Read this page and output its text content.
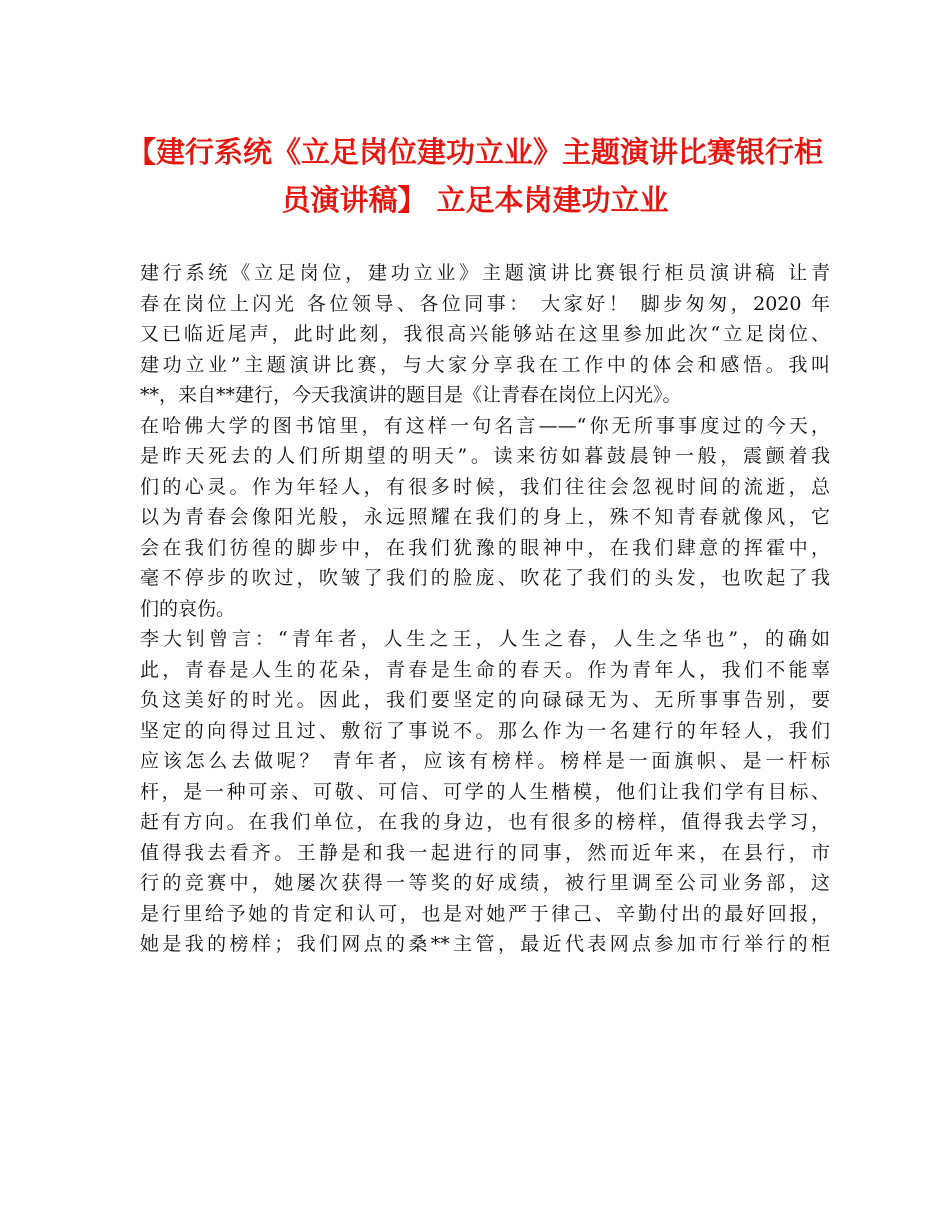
【建行系统《立足岗位建功立业》主题演讲比赛银行柜
员演讲稿】 立足本岗建功立业
建行系统《立足岗位，建功立业》主题演讲比赛银行柜员演讲稿 让青
春在岗位上闪光 各位领导、各位同事： 大家好！ 脚步匆匆，2020 年
又已临近尾声，此时此刻，我很高兴能够站在这里参加此次“立足岗位、
建功立业”主题演讲比赛，与大家分享我在工作中的体会和感悟。我叫
**，来自**建行，今天我演讲的题目是《让青春在岗位上闪光》。
在哈佛大学的图书馆里，有这样一句名言——“你无所事事度过的今天，
是昨天死去的人们所期望的明天”。读来彷如暮鼓晨钟一般，震颤着我
们的心灵。作为年轻人，有很多时候，我们往往会忽视时间的流逝，总
以为青春会像阳光般，永远照耀在我们的身上，殊不知青春就像风，它
会在我们彷徨的脚步中，在我们犹豫的眼神中，在我们肆意的挥霍中，
毫不停步的吹过，吹皱了我们的脸庞、吹花了我们的头发，也吹起了我
们的哀伤。
李大钊曾言：“青年者，人生之王，人生之春，人生之华也”，的确如
此，青春是人生的花朵，青春是生命的春天。作为青年人，我们不能辜
负这美好的时光。因此，我们要坚定的向碌碌无为、无所事事告别，要
坚定的向得过且过、敷衍了事说不。那么作为一名建行的年轻人，我们
应该怎么去做呢？ 青年者，应该有榜样。榜样是一面旗帜、是一杆标
杆，是一种可亲、可敬、可信、可学的人生楷模，他们让我们学有目标、
赶有方向。在我们单位，在我的身边，也有很多的榜样，值得我去学习，
值得我去看齐。王静是和我一起进行的同事，然而近年来，在县行，市
行的竞赛中，她屡次获得一等奖的好成绩，被行里调至公司业务部，这
是行里给予她的肯定和认可，也是对她严于律己、辛勤付出的最好回报，
她是我的榜样；我们网点的桑**主管，最近代表网点参加市行举行的柜
